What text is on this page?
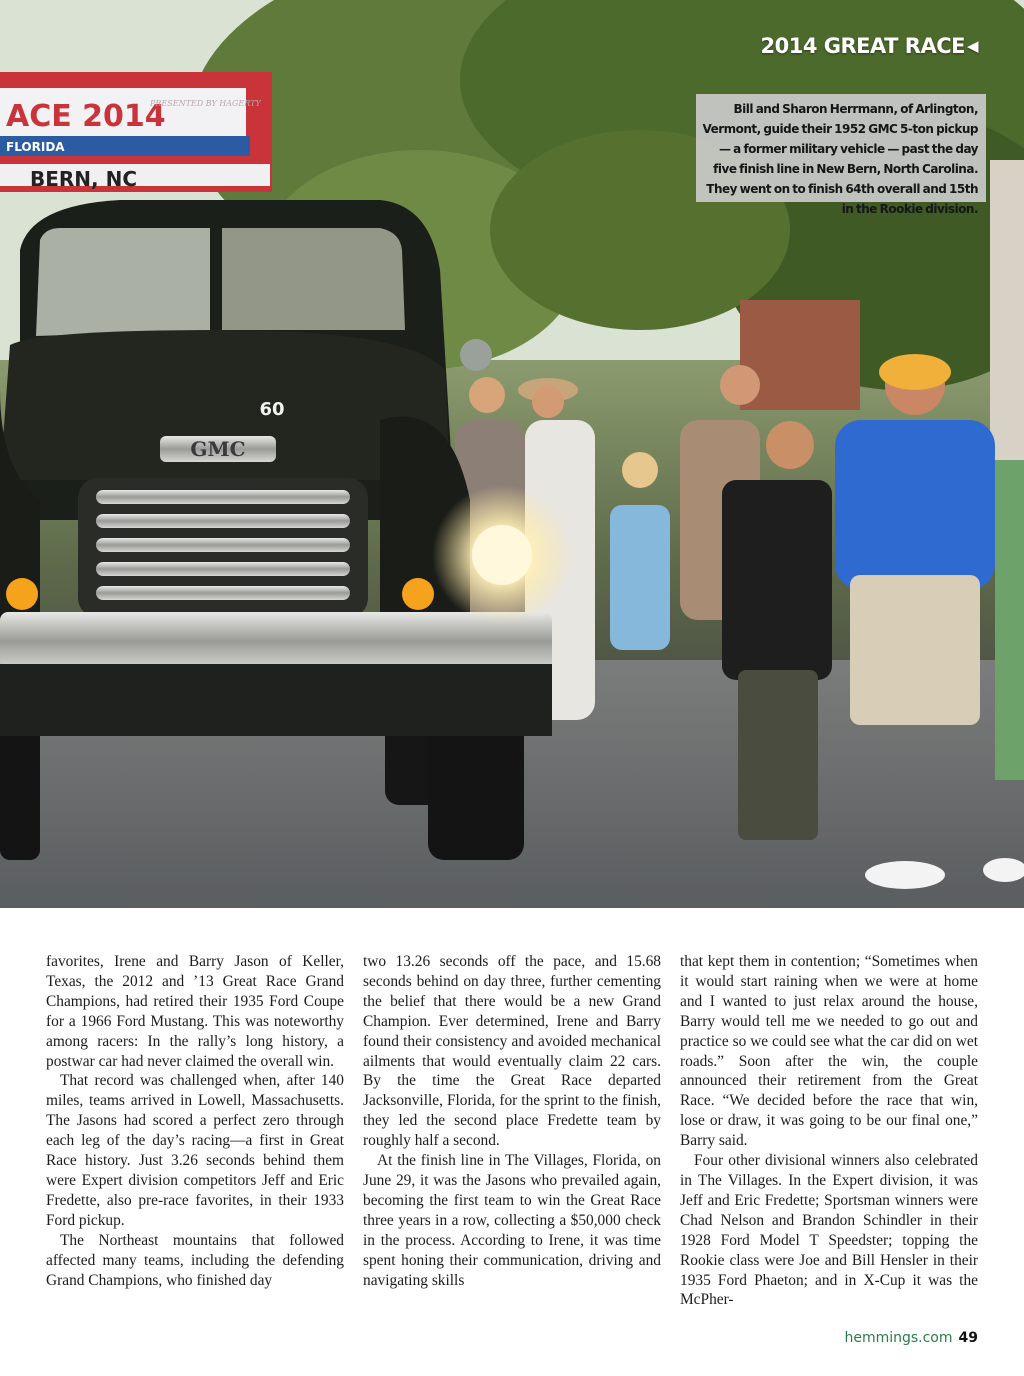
ACE 2014
PRESENTED BY HAGERTY
FLORIDA
BERN, NC
GMC
60
2014 GREAT RACE ◀
Bill and Sharon Herrmann, of Arlington, Vermont, guide their 1952 GMC 5-ton pickup — a former military vehicle — past the day five finish line in New Bern, North Carolina. They went on to finish 64th overall and 15th in the Rookie division.

favorites, Irene and Barry Jason of Keller, Texas, the 2012 and ’13 Great Race Grand Champions, had retired their 1935 Ford Coupe for a 1966 Ford Mustang. This was noteworthy among racers: In the rally’s long history, a postwar car had never claimed the overall win.

That record was challenged when, after 140 miles, teams arrived in Lowell, Massachusetts. The Jasons had scored a perfect zero through each leg of the day’s racing—a first in Great Race history. Just 3.26 seconds behind them were Expert division competitors Jeff and Eric Fredette, also pre-race favorites, in their 1933 Ford pickup.

The Northeast mountains that followed affected many teams, including the defending Grand Champions, who finished day

two 13.26 seconds off the pace, and 15.68 seconds behind on day three, further cementing the belief that there would be a new Grand Champion. Ever determined, Irene and Barry found their consistency and avoided mechanical ailments that would eventually claim 22 cars. By the time the Great Race departed Jacksonville, Florida, for the sprint to the finish, they led the second place Fredette team by roughly half a second.

At the finish line in The Villages, Florida, on June 29, it was the Jasons who prevailed again, becoming the first team to win the Great Race three years in a row, collecting a $50,000 check in the process. According to Irene, it was time spent honing their communication, driving and navigating skills

that kept them in contention; “Sometimes when it would start raining when we were at home and I wanted to just relax around the house, Barry would tell me we needed to go out and practice so we could see what the car did on wet roads.” Soon after the win, the couple announced their retirement from the Great Race. “We decided before the race that win, lose or draw, it was going to be our final one,” Barry said.

Four other divisional winners also celebrated in The Villages. In the Expert division, it was Jeff and Eric Fredette; Sportsman winners were Chad Nelson and Brandon Schindler in their 1928 Ford Model T Speedster; topping the Rookie class were Joe and Bill Hensler in their 1935 Ford Phaeton; and in X-Cup it was the McPher-

hemmings.com 49
